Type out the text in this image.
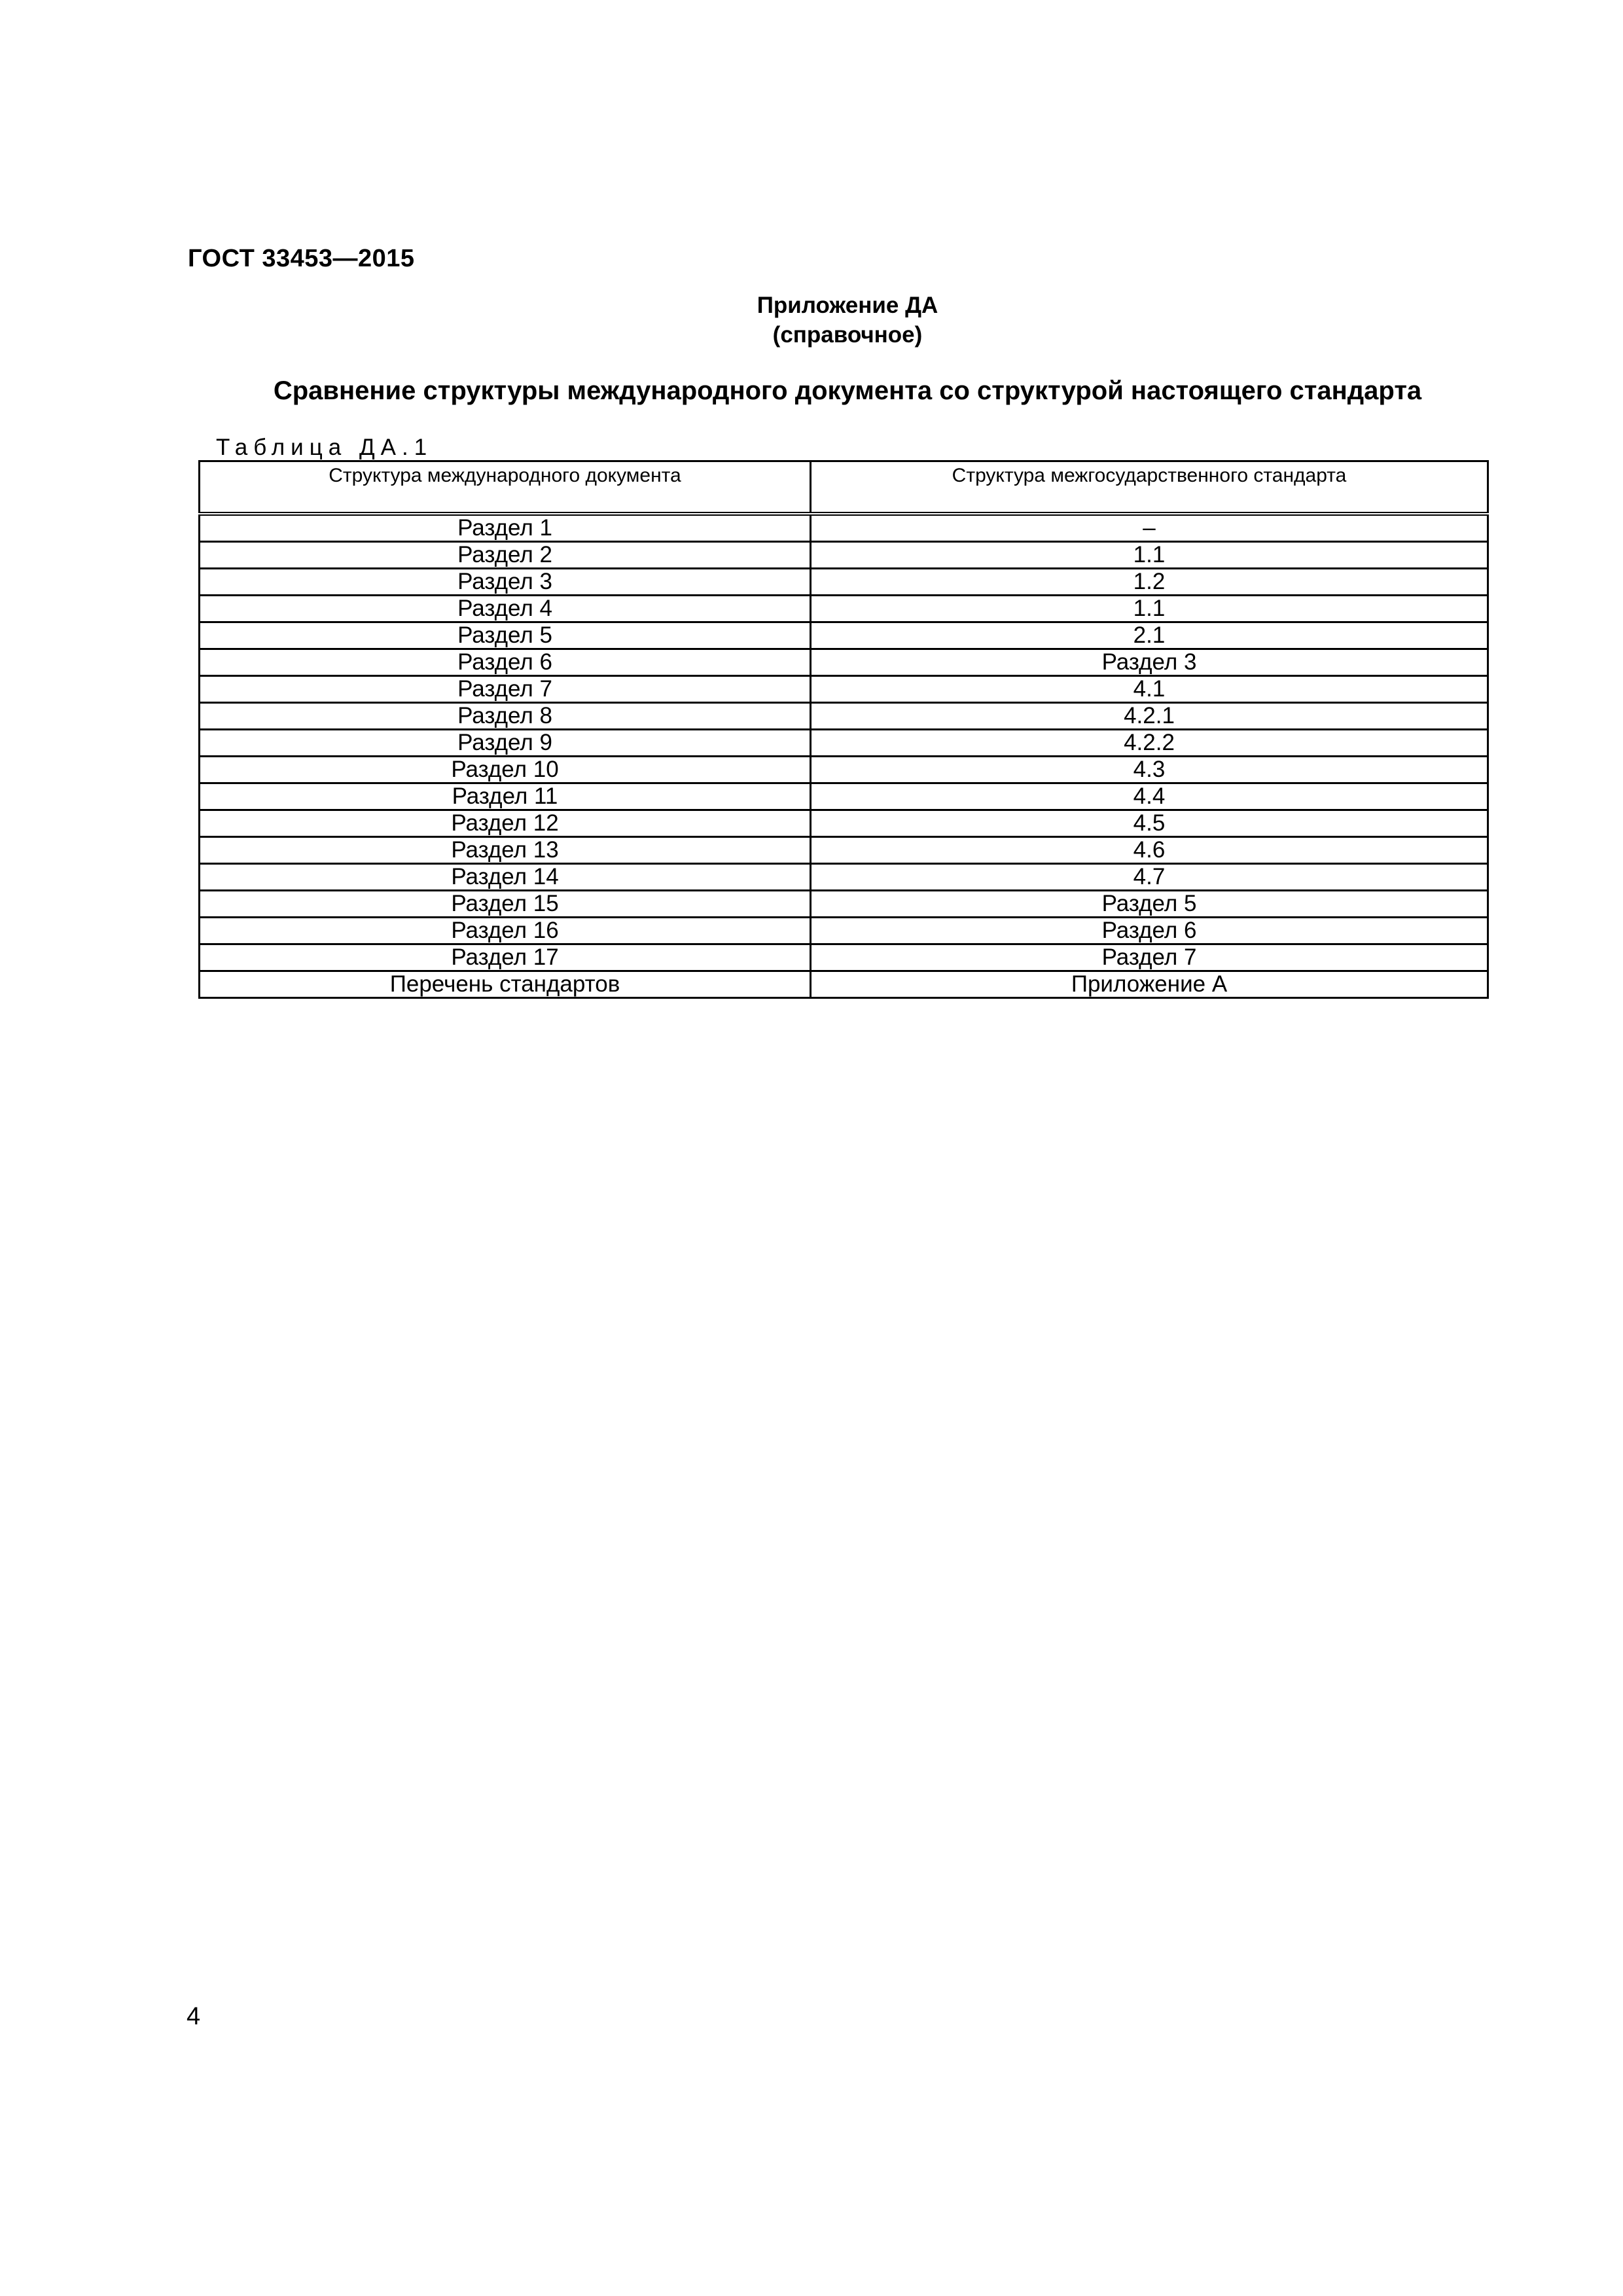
ГОСТ 33453—2015
Приложение ДА
(справочное)
Сравнение структуры международного документа со структурой настоящего стандарта
Таблица ДА.1
Структура международного документа	Структура межгосударственного стандарта
Раздел 1	–
Раздел 2	1.1
Раздел 3	1.2
Раздел 4	1.1
Раздел 5	2.1
Раздел 6	Раздел 3
Раздел 7	4.1
Раздел 8	4.2.1
Раздел 9	4.2.2
Раздел 10	4.3
Раздел 11	4.4
Раздел 12	4.5
Раздел 13	4.6
Раздел 14	4.7
Раздел 15	Раздел 5
Раздел 16	Раздел 6
Раздел 17	Раздел 7
Перечень стандартов	Приложение А
4
